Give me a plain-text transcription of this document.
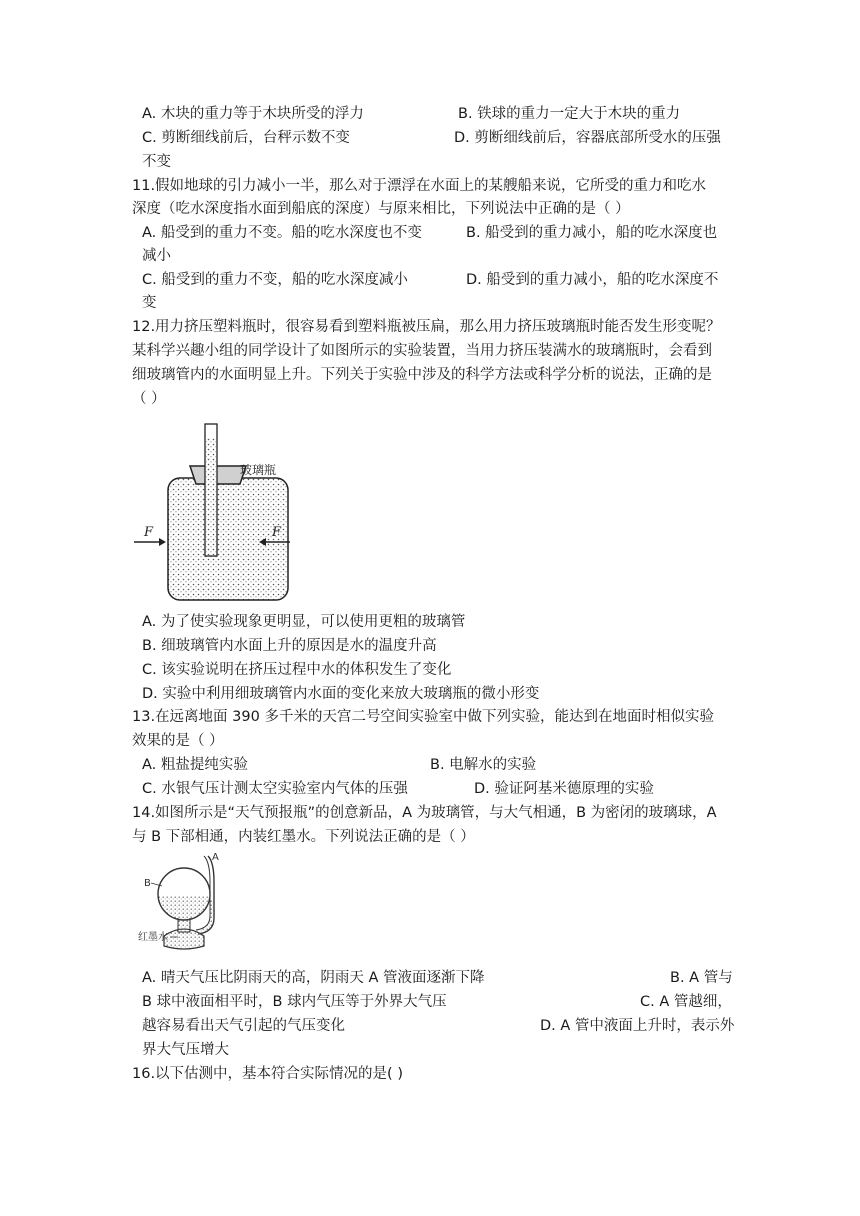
A. 木块的重力等于木块所受的浮力	B. 铁球的重力一定大于木块的重力
C. 剪断细线前后，台秤示数不变	D. 剪断细线前后，容器底部所受水的压强
不变
11.假如地球的引力减小一半，那么对于漂浮在水面上的某艘船来说，它所受的重力和吃水
深度（吃水深度指水面到船底的深度）与原来相比，下列说法中正确的是（ ）
A. 船受到的重力不变。船的吃水深度也不变	B. 船受到的重力减小，船的吃水深度也
减小
C. 船受到的重力不变，船的吃水深度减小	D. 船受到的重力减小，船的吃水深度不
变
12.用力挤压塑料瓶时，很容易看到塑料瓶被压扁，那么用力挤压玻璃瓶时能否发生形变呢？
某科学兴趣小组的同学设计了如图所示的实验装置，当用力挤压装满水的玻璃瓶时，会看到
细玻璃管内的水面明显上升。下列关于实验中涉及的科学方法或科学分析的说法，正确的是
（ ）
F	F
玻璃瓶
A. 为了使实验现象更明显，可以使用更粗的玻璃管
B. 细玻璃管内水面上升的原因是水的温度升高
C. 该实验说明在挤压过程中水的体积发生了变化
D. 实验中利用细玻璃管内水面的变化来放大玻璃瓶的微小形变
13.在远离地面 390 多千米的天宫二号空间实验室中做下列实验，能达到在地面时相似实验
效果的是（ ）
A. 粗盐提纯实验	B. 电解水的实验
C. 水银气压计测太空实验室内气体的压强	D. 验证阿基米德原理的实验
14.如图所示是“天气预报瓶”的创意新品，A 为玻璃管，与大气相通，B 为密闭的玻璃球，A
与 B 下部相通，内装红墨水。下列说法正确的是（ ）
A
B
红墨水
A. 晴天气压比阴雨天的高，阴雨天 A 管液面逐渐下降	B. A 管与
B 球中液面相平时，B 球内气压等于外界大气压	C. A 管越细，
越容易看出天气引起的气压变化	D. A 管中液面上升时，表示外
界大气压增大
16.以下估测中，基本符合实际情况的是( )
